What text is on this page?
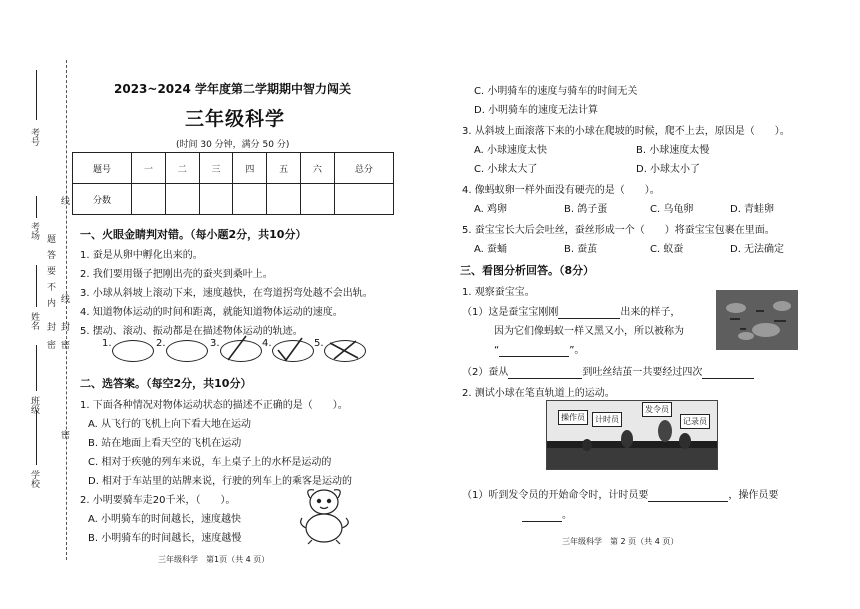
考号
线
考场 题
答
要
不
内 线
封
密
姓名 封
密
班级
密
学校
2023~2024 学年度第二学期期中智力闯关
三年级科学
(时间 30 分钟，满分 50 分)
题号	一	二	三	四	五	六	总分
分数							
一、火眼金睛判对错。（每小题2分，共10分）
1. 蚕是从卵中孵化出来的。
2. 我们要用镊子把刚出壳的蚕夹到桑叶上。
3. 小球从斜坡上滚动下来，速度越快，在弯道拐弯处越不会出轨。
4. 知道物体运动的时间和距离，就能知道物体运动的速度。
5. 摆动、滚动、振动都是在描述物体运动的轨迹。
1.	2.	3.	4.	5.
二、选答案。（每空2分，共10分）
1. 下面各种情况对物体运动状态的描述不正确的是（　　）。
A. 从飞行的飞机上向下看大地在运动
B. 站在地面上看天空的飞机在运动
C. 相对于疾驰的列车来说，车上桌子上的水杯是运动的
D. 相对于车站里的站牌来说，行驶的列车上的乘客是运动的
2. 小明要骑车走20千米，（　　）。
A. 小明骑车的时间越长，速度越快
B. 小明骑车的时间越长，速度越慢
三年级科学　第1页（共 4 页）
C. 小明骑车的速度与骑车的时间无关
D. 小明骑车的速度无法计算
3. 从斜坡上面滚落下来的小球在爬坡的时候，爬不上去，原因是（　　）。
A. 小球速度太快	B. 小球速度太慢
C. 小球太大了	D. 小球太小了
4. 像蚂蚁卵一样外面没有硬壳的是（　　）。
A. 鸡卵	B. 鸽子蛋	C. 乌龟卵	D. 青蛙卵
5. 蚕宝宝长大后会吐丝，蚕丝形成一个（　　）将蚕宝宝包裹在里面。
A. 蚕蛹	B. 蚕茧	C. 蚁蚕	D. 无法确定
三、看图分析回答。（8分）
1. 观察蚕宝宝。
（1）这是蚕宝宝刚刚	出来的样子，
因为它们像蚂蚁一样又黑又小，所以被称为
“	”。
（2）蚕从	到吐丝结茧一共要经过四次
2. 测试小球在笔直轨道上的运动。
操作员	计时员
发令员
记录员
（1）听到发令员的开始命令时，计时员要	，操作员要
。
三年级科学　第 2 页（共 4 页）
